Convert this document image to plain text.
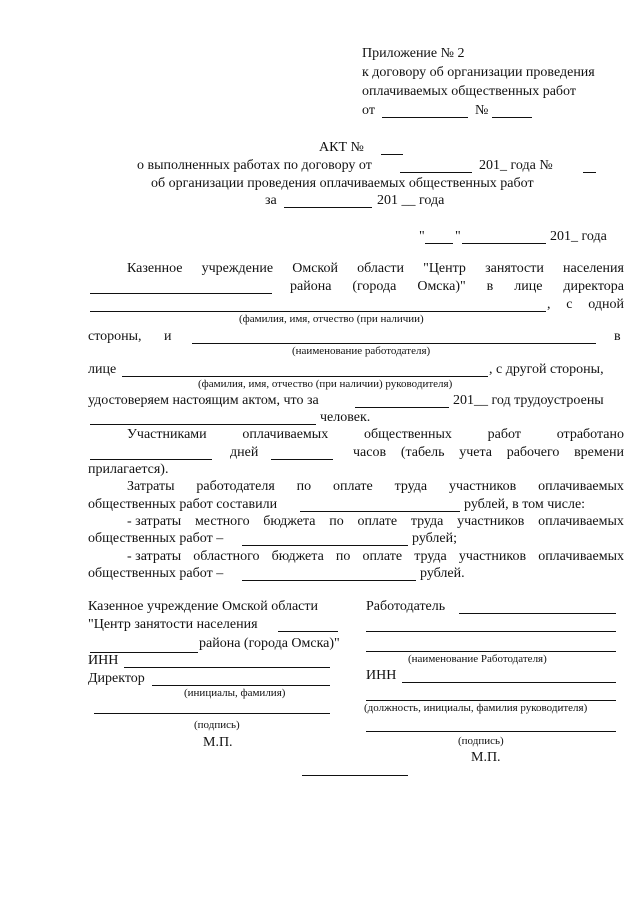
Приложение № 2
к договору об организации проведения
оплачиваемых общественных работ
от	№
АКТ №
о выполненных работах по договору от	201_ года №
об организации проведения оплачиваемых общественных работ
за	201 __ года
" "	201_ года
Казенное учреждение Омской области "Центр занятости населения
района (города Омска)" в лице директора
, с одной
(фамилия, имя, отчество (при наличии)
стороны, и	в
(наименование работодателя)
лице	, с другой стороны,
(фамилия, имя, отчество (при наличии) руководителя)
удостоверяем настоящим актом, что за	201__ год трудоустроены
человек.
Участниками	оплачиваемых	общественных	работ	отработано
дней	часов (табель учета рабочего времени
прилагается).
Затраты работодателя по оплате труда участников оплачиваемых
общественных работ составили	рублей, в том числе:
- затраты местного бюджета по оплате труда участников оплачиваемых
общественных работ –	рублей;
- затраты областного бюджета по оплате труда участников оплачиваемых
общественных работ –	рублей.
Казенное учреждение Омской области
"Центр занятости населения
района (города Омска)"
ИНН
Директор
(инициалы, фамилия)
(подпись)
М.П.
Работодатель
(наименование Работодателя)
ИНН
(должность, инициалы, фамилия руководителя)
(подпись)
М.П.
